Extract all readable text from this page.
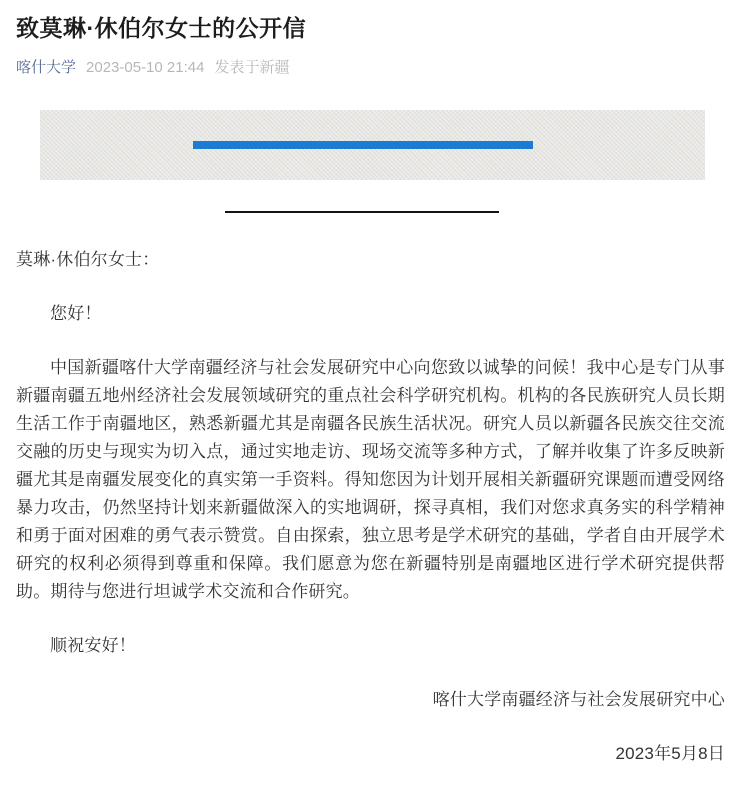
致莫琳·休伯尔女士的公开信
喀什大学 2023-05-10 21:44 发表于新疆

莫琳·休伯尔女士：

您好！

中国新疆喀什大学南疆经济与社会发展研究中心向您致以诚挚的问候！我中心是专门从事新疆南疆五地州经济社会发展领域研究的重点社会科学研究机构。机构的各民族研究人员长期生活工作于南疆地区，熟悉新疆尤其是南疆各民族生活状况。研究人员以新疆各民族交往交流交融的历史与现实为切入点，通过实地走访、现场交流等多种方式，了解并收集了许多反映新疆尤其是南疆发展变化的真实第一手资料。得知您因为计划开展相关新疆研究课题而遭受网络暴力攻击，仍然坚持计划来新疆做深入的实地调研，探寻真相，我们对您求真务实的科学精神和勇于面对困难的勇气表示赞赏。自由探索，独立思考是学术研究的基础，学者自由开展学术研究的权利必须得到尊重和保障。我们愿意为您在新疆特别是南疆地区进行学术研究提供帮助。期待与您进行坦诚学术交流和合作研究。

顺祝安好！

喀什大学南疆经济与社会发展研究中心

2023年5月8日
